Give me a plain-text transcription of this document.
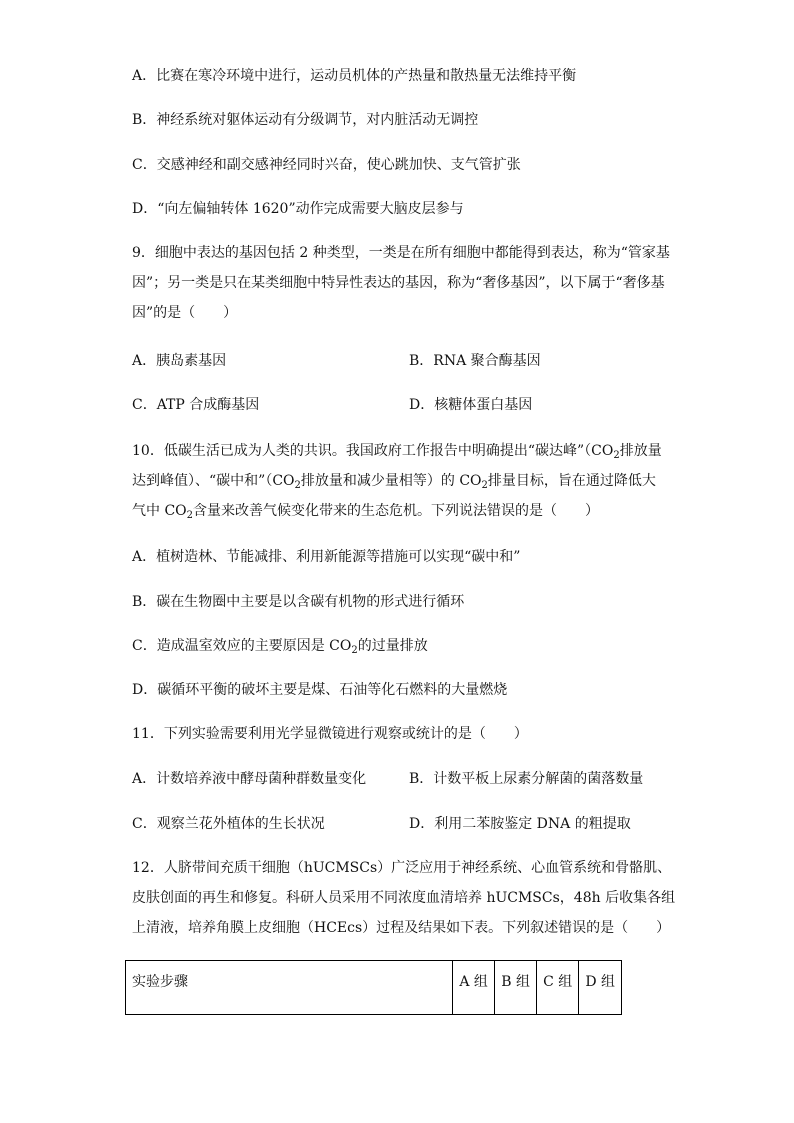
A．比赛在寒冷环境中进行，运动员机体的产热量和散热量无法维持平衡
B．神经系统对躯体运动有分级调节，对内脏活动无调控
C．交感神经和副交感神经同时兴奋，使心跳加快、支气管扩张
D．“向左偏轴转体 1620”动作完成需要大脑皮层参与
9．细胞中表达的基因包括 2 种类型，一类是在所有细胞中都能得到表达，称为“管家基
因”；另一类是只在某类细胞中特异性表达的基因，称为“奢侈基因”，以下属于“奢侈基
因”的是（　　）
A．胰岛素基因	B．RNA 聚合酶基因
C．ATP 合成酶基因	D．核糖体蛋白基因
10．低碳生活已成为人类的共识。我国政府工作报告中明确提出“碳达峰$”(CO_2$排放量
达到峰值）、“碳中和$”(CO_2$排放量和减少量相等）的 $CO_2$排量目标，旨在通过降低大
气中 $CO_2$含量来改善气候变化带来的生态危机。下列说法错误的是（　　）
A．植树造林、节能减排、利用新能源等措施可以实现“碳中和”
B．碳在生物圈中主要是以含碳有机物的形式进行循环
C．造成温室效应的主要原因是 $CO_2$的过量排放
D．碳循环平衡的破坏主要是煤、石油等化石燃料的大量燃烧
11．下列实验需要利用光学显微镜进行观察或统计的是（　　）
A．计数培养液中酵母菌种群数量变化	B．计数平板上尿素分解菌的菌落数量
C．观察兰花外植体的生长状况	D．利用二苯胺鉴定 DNA 的粗提取
12．人脐带间充质干细胞（hUCMSCs）广泛应用于神经系统、心血管系统和骨骼肌、
皮肤创面的再生和修复。科研人员采用不同浓度血清培养 hUCMSCs，48h 后收集各组
上清液，培养角膜上皮细胞（HCEcs）过程及结果如下表。下列叙述错误的是（　　）
实验步骤	A 组	B 组	C 组	D 组
